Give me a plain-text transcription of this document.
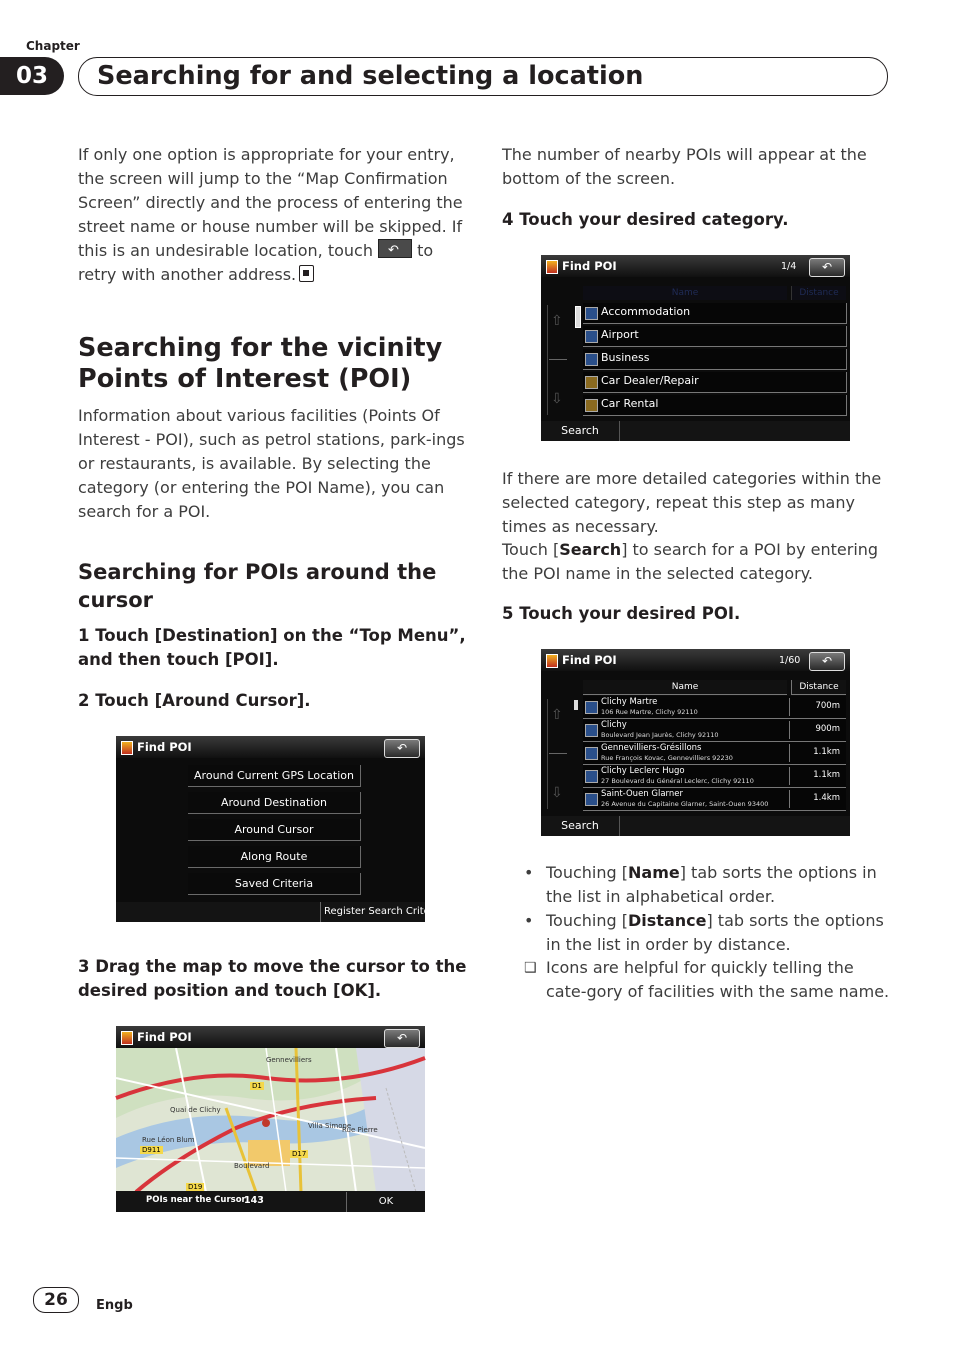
Chapter
03	Searching for and selecting a location
If only one option is appropriate for your entry, the screen will jump to the “Map Confirmation Screen” directly and the process of entering the street name or house number will be skipped. If this is an undesirable location, touch ↶	to retry with another address.
Searching for the vicinity Points of Interest (POI)
Information about various facilities (Points Of Interest - POI), such as petrol stations, park-ings or restaurants, is available. By selecting the category (or entering the POI Name), you can search for a POI.
Searching for POIs around the cursor
1 Touch [Destination] on the “Top Menu”, and then touch [POI].
2 Touch [Around Cursor].
Find POI	↶
Around Current GPS Location
Around Destination
Around Cursor
Along Route
Saved Criteria
Register Search Criteria
3 Drag the map to move the cursor to the desired position and touch [OK].
D1
D911	D17
D19
Quai de Clichy
Rue Léon Blum
Boulevard
Villa Simone
Rue Pierre
Gennevilliers
Find POI	↶
POIs near the Cursor:
143	OK
The number of nearby POIs will appear at the bottom of the screen.
4 Touch your desired category.
Find POI	1/4	↶
Name	Distance
⇧
⇩
Accommodation
Airport
Business
Car Dealer/Repair
Car Rental
Search
If there are more detailed categories within the selected category, repeat this step as many times as necessary.
Touch [Search] to search for a POI by entering the POI name in the selected category.
5 Touch your desired POI.
Find POI	1/60	↶
Name	Distance
⇧
⇩
Clichy Martre
106 Rue Martre, Clichy 92110
700m
Clichy
Boulevard Jean Jaurès, Clichy 92110
900m
Gennevilliers-Grésillons
Rue François Kovac, Gennevilliers 92230
1.1km
Clichy Leclerc Hugo
27 Boulevard du Général Leclerc, Clichy 92110
1.1km
Saint-Ouen Glarner
26 Avenue du Capitaine Glarner, Saint-Ouen 93400
1.4km
Search
• Touching [Name] tab sorts the options in the list in alphabetical order.
• Touching [Distance] tab sorts the options in the list in order by distance.
❑ Icons are helpful for quickly telling the cate-gory of facilities with the same name.
26	Engb
